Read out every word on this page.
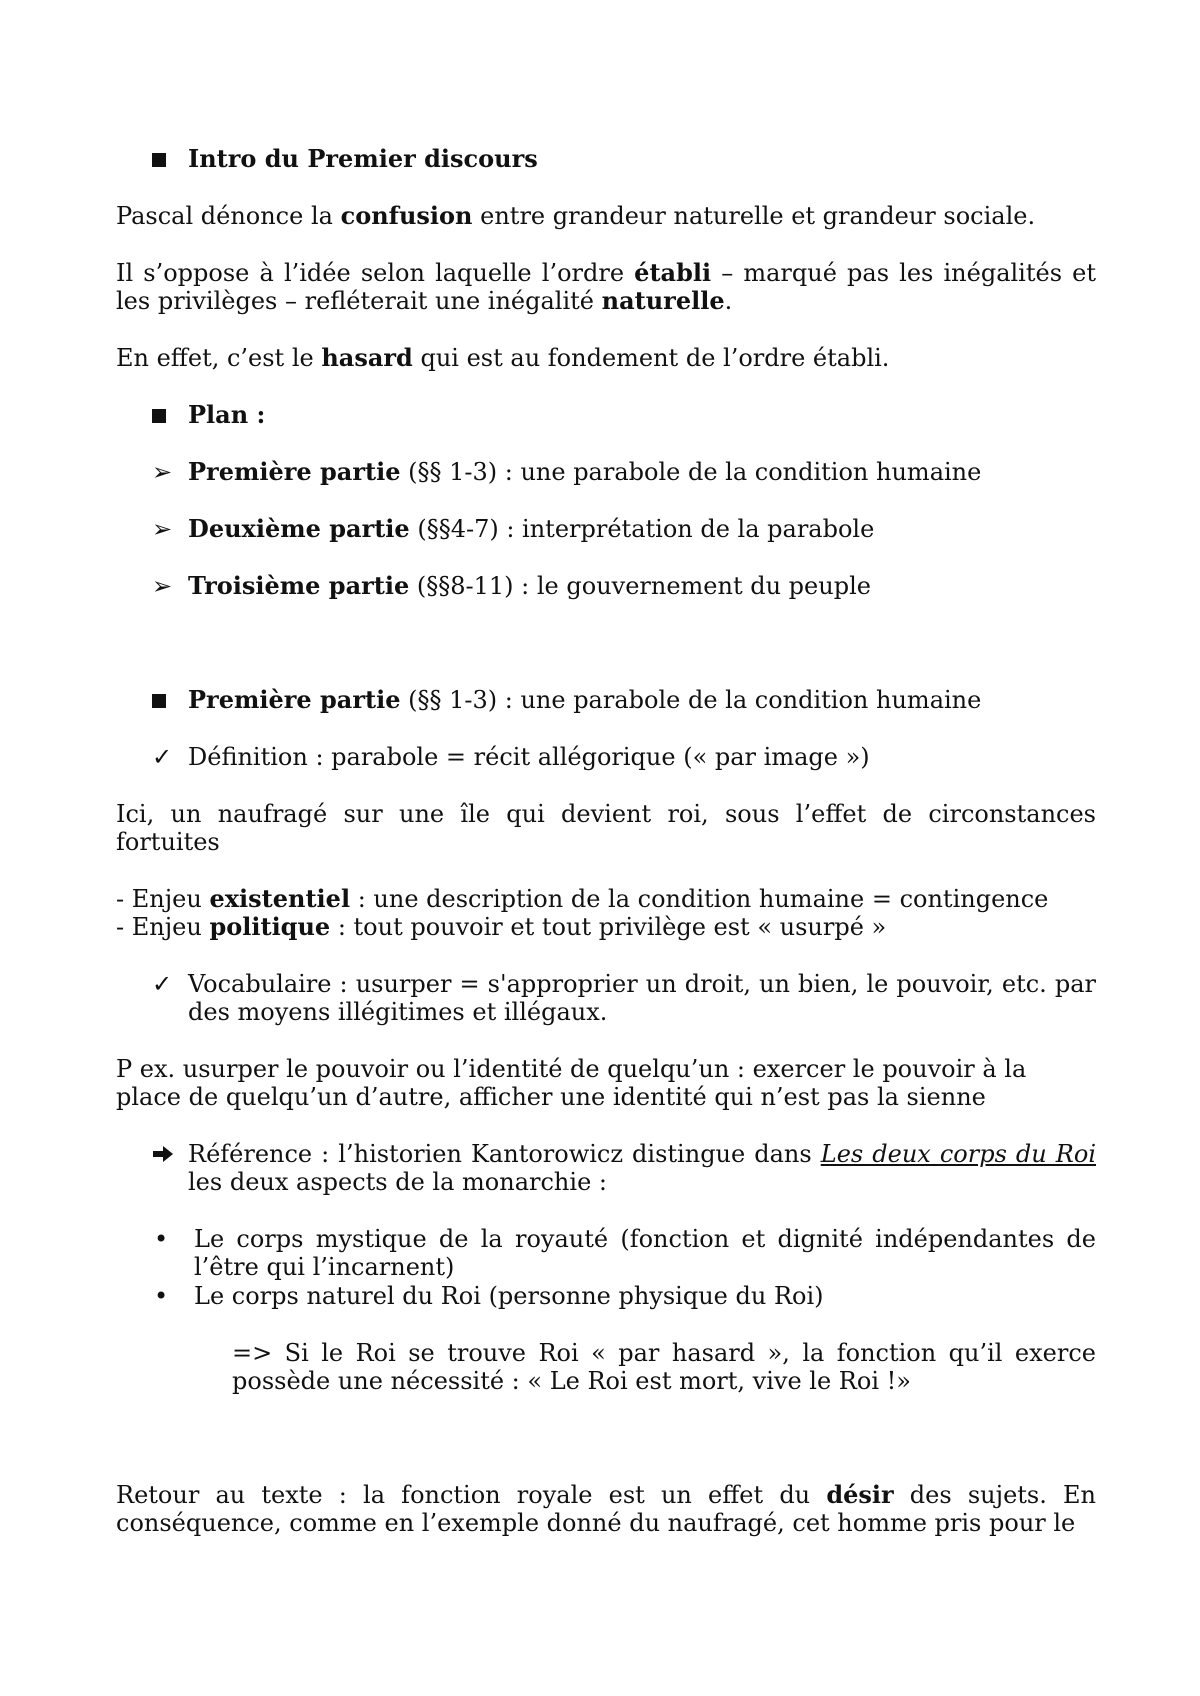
Intro du Premier discours

Pascal dénonce la confusion entre grandeur naturelle et grandeur sociale.

Il s’oppose à l’idée selon laquelle l’ordre établi – marqué pas les inégalités et les privilèges – refléterait une inégalité naturelle.

En effet, c’est le hasard qui est au fondement de l’ordre établi.

Plan :
➢ Première partie (§§ 1-3) : une parabole de la condition humaine
➢ Deuxième partie (§§4-7) : interprétation de la parabole
➢ Troisième partie (§§8-11) : le gouvernement du peuple
Première partie (§§ 1-3) : une parabole de la condition humaine
✓ Définition : parabole = récit allégorique (« par image »)

Ici, un naufragé sur une île qui devient roi, sous l’effet de circonstances fortuites

- Enjeu existentiel : une description de la condition humaine = contingence
- Enjeu politique : tout pouvoir et tout privilège est « usurpé »

✓ Vocabulaire : usurper = s'approprier un droit, un bien, le pouvoir, etc. par des moyens illégitimes et illégaux.

P ex. usurper le pouvoir ou l’identité de quelqu’un : exercer le pouvoir à la place de quelqu’un d’autre, afficher une identité qui n’est pas la sienne

Référence : l’historien Kantorowicz distingue dans Les deux corps du Roi les deux aspects de la monarchie :
•	Le corps mystique de la royauté (fonction et dignité indépendantes de l’être qui l’incarnent)
•	Le corps naturel du Roi (personne physique du Roi)

=> Si le Roi se trouve Roi « par hasard », la fonction qu’il exerce possède une nécessité : « Le Roi est mort, vive le Roi !»

Retour au texte : la fonction royale est un effet du désir des sujets. En conséquence, comme en l’exemple donné du naufragé, cet homme pris pour le
